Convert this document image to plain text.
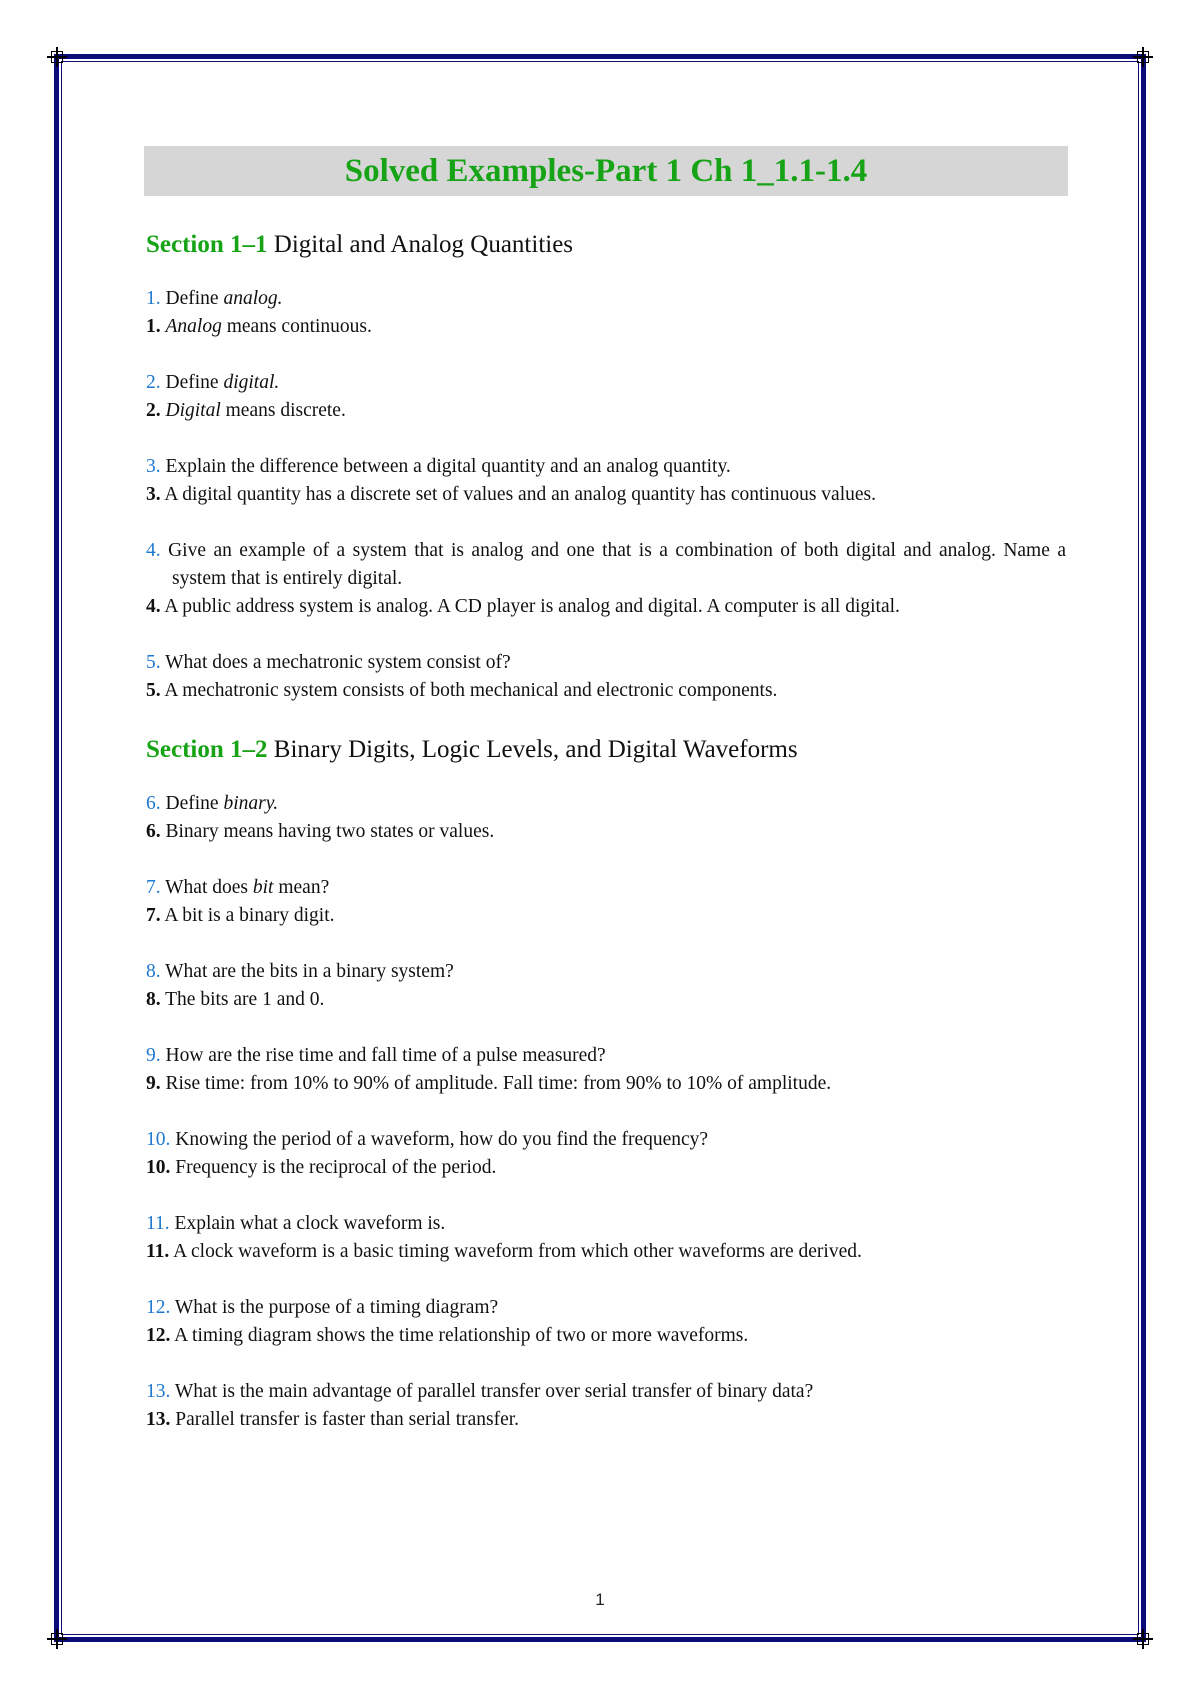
Solved Examples-Part 1 Ch 1_1.1-1.4
Section 1–1 Digital and Analog Quantities
1. Define analog.
1. Analog means continuous.
2. Define digital.
2. Digital means discrete.
3. Explain the difference between a digital quantity and an analog quantity.
3. A digital quantity has a discrete set of values and an analog quantity has continuous values.
4. Give an example of a system that is analog and one that is a combination of both digital and analog. Name a system that is entirely digital.
4. A public address system is analog. A CD player is analog and digital. A computer is all digital.
5. What does a mechatronic system consist of?
5. A mechatronic system consists of both mechanical and electronic components.
Section 1–2 Binary Digits, Logic Levels, and Digital Waveforms
6. Define binary.
6. Binary means having two states or values.
7. What does bit mean?
7. A bit is a binary digit.
8. What are the bits in a binary system?
8. The bits are 1 and 0.
9. How are the rise time and fall time of a pulse measured?
9. Rise time: from 10% to 90% of amplitude. Fall time: from 90% to 10% of amplitude.
10. Knowing the period of a waveform, how do you find the frequency?
10. Frequency is the reciprocal of the period.
11. Explain what a clock waveform is.
11. A clock waveform is a basic timing waveform from which other waveforms are derived.
12. What is the purpose of a timing diagram?
12. A timing diagram shows the time relationship of two or more waveforms.
13. What is the main advantage of parallel transfer over serial transfer of binary data?
13. Parallel transfer is faster than serial transfer.
1
